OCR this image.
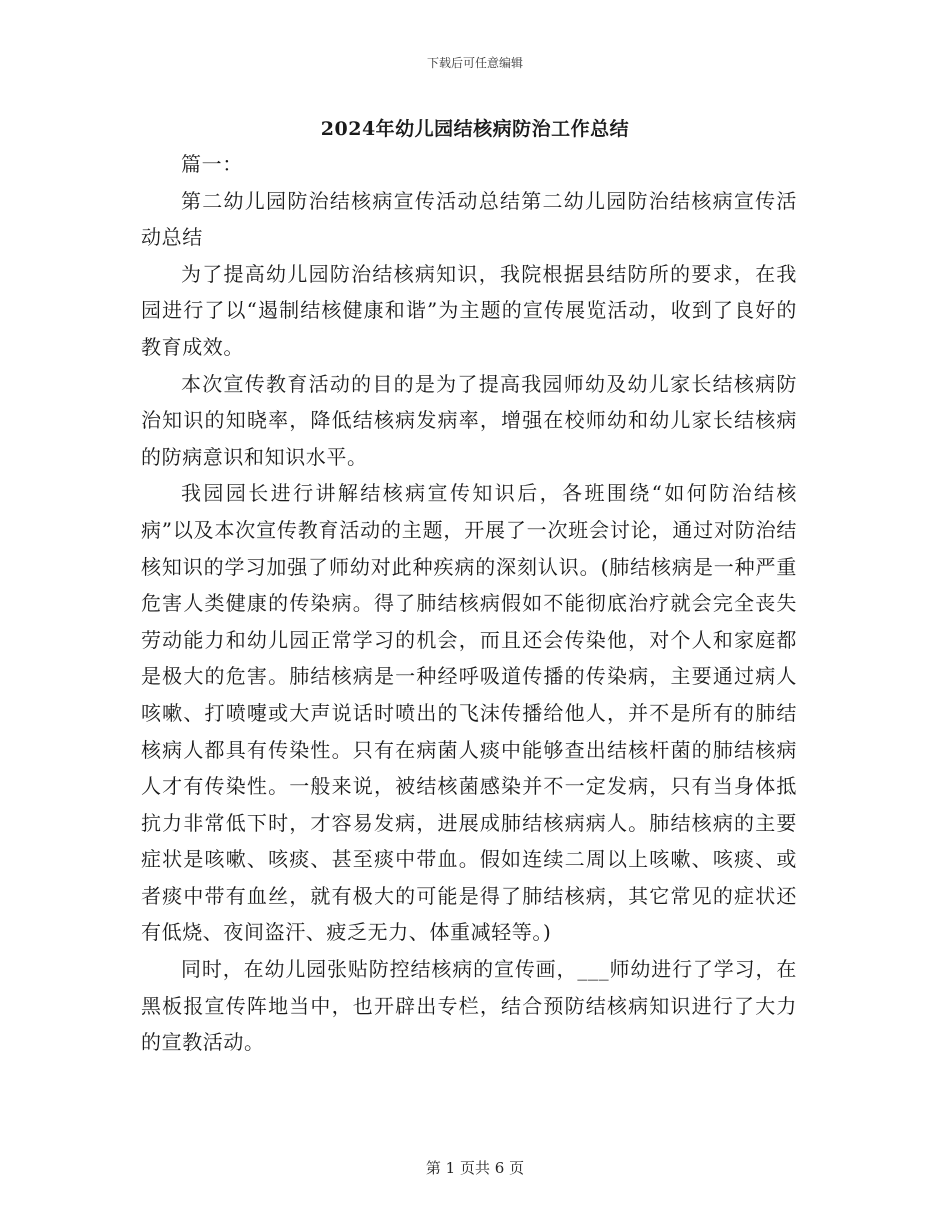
下载后可任意编辑
2024年幼儿园结核病防治工作总结

篇一：

第二幼儿园防治结核病宣传活动总结第二幼儿园防治结核病宣传活动总结

为了提高幼儿园防治结核病知识，我院根据县结防所的要求，在我园进行了以“遏制结核健康和谐”为主题的宣传展览活动，收到了良好的教育成效。

本次宣传教育活动的目的是为了提高我园师幼及幼儿家长结核病防治知识的知晓率，降低结核病发病率，增强在校师幼和幼儿家长结核病的防病意识和知识水平。

我园园长进行讲解结核病宣传知识后，各班围绕“如何防治结核病”以及本次宣传教育活动的主题，开展了一次班会讨论，通过对防治结核知识的学习加强了师幼对此种疾病的深刻认识。(肺结核病是一种严重危害人类健康的传染病。得了肺结核病假如不能彻底治疗就会完全丧失劳动能力和幼儿园正常学习的机会，而且还会传染他，对个人和家庭都是极大的危害。肺结核病是一种经呼吸道传播的传染病，主要通过病人咳嗽、打喷嚏或大声说话时喷出的飞沫传播给他人，并不是所有的肺结核病人都具有传染性。只有在病菌人痰中能够查出结核杆菌的肺结核病人才有传染性。一般来说，被结核菌感染并不一定发病，只有当身体抵抗力非常低下时，才容易发病，进展成肺结核病病人。肺结核病的主要症状是咳嗽、咳痰、甚至痰中带血。假如连续二周以上咳嗽、咳痰、或者痰中带有血丝，就有极大的可能是得了肺结核病，其它常见的症状还有低烧、夜间盗汗、疲乏无力、体重减轻等。)

同时，在幼儿园张贴防控结核病的宣传画，___师幼进行了学习，在黑板报宣传阵地当中，也开辟出专栏，结合预防结核病知识进行了大力的宣教活动。

第 1 页共 6 页
